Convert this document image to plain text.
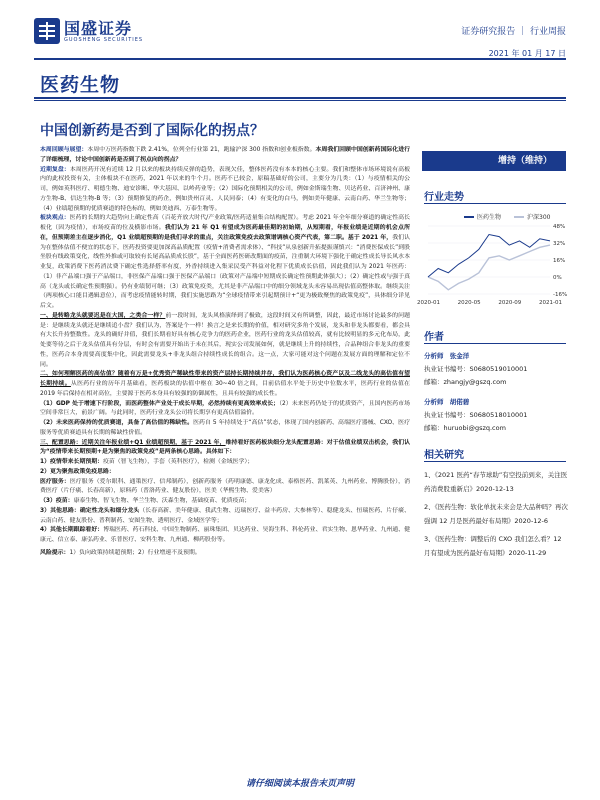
国盛证券
GUOSHENG SECURITIES
证券研究报告 ｜ 行业周报
2021 年 01 月 17 日
医药生物
中国创新药是否到了国际化的拐点？

本周回顾与展望：本周中万医药指数下跌 2.41%，位列全行业第 21，跑输沪深 300 指数和创业板指数。本周我们回顾中国创新药国际化进行了详细梳理，讨论中国创新药是否到了拐点向的拐点？

近期复盘：本周医药开况有近续 12 月以来的板块持续反弹的趋势，表现欠佳，整体医药没有本本的核心主要。我们和整体市场环境说有高板内的此权投资有关，主体板块不在医药，2021 年以来的牛个月。医药不已较会，原稿基础好的公司，主要分为几类：（1）与疫情相关的公司，例如英科医疗、明德生物、迪安诊断、华大基因、以岭药业等；（2）国际化预期相关的公司，例如金斯瑞生物、贝达药业、百济神州、康方生物-B、信达生物-B 等；（3）预期修复的药企，例如贵州百灵、人民同泰；（4）有变化的白马，例如美年健康、云南白药、华兰生物等；（4）业绩超预期的优质赛道的特色标的，例如美迪西、万泰生物等。

板块观点：医药的长期的大趋势向上确定性高（百花齐放大时代/产业政策/医药适量集合结构配置）。考虑 2021 年全年细分赛道的确定性高长板化（因为疫情），市场疫苗的位及横影市场。我们认为 21 年 Q1 有望成为医药最佳期的初始期，从短期看，年报业绩是近期的机会点所在，但预期差主在逐步消化，Q1 业绩超预期的是我们寻求的重点，关注政策免疫去政策谱调核心资产代表，第二职。基于 2021 年，我们认为在整体估值不便宜的状态下，医药投资要更加深高品质配置（疫情+消费者需求体）、“科技”从泉创新升拓提振谨慎兴：“消费医保成长”到股坐股有线政策变化，线性外推或可取较有长尾高品质成长股”，基于全面医药医研改期面的疫苗，注重制大环境下强化于确定性成长导长风水本业复，政策消费下医药消汰费下确定性选择搭率有度，外香持续进入集采民受产科益对化程下优质成长估值，因此我们认为 2021 年医药：（1）非产品端口强于产品端口，非医保产品端口强于医保产品端口（政策对产品端中短期成长确定性预期此体强大）；（2）确定性或与强于真高（龙头或长确定性预期强）。仍有业绩韧可继；（3）政策免疫类，尤其是非产品端口中的细分领域龙头未容易出现估值高整体取。继续关注（两项核心口能目遇辑意位），而考虑疫情能转时期，我们实施思路为“全球疫情带来引起期预计+“更为极致聚焦的政策免疫”，具体细分详见后文。

一、是转略龙头就要迟是在大国，之类合一样？前一段时间，龙头风格演绎到了极致，这段时间又有所调整，因此，最近市场讨论最多的问题是：是继续龙头就还是继续追小盘？我们认为，答案是个一样！换言之是来长期的价值，相对研究多角个发展，龙头和非龙头都要看，都会具有大长升持整数性。龙头的确好并值，我们长期看好具有核心竞争力的医药企业，医药行业的龙头估值较高，就有比较明显的多元化布局，此处要等待之后于龙头估值具有分层，有时会有需要开始出于未在其后，现实公司发展如何，就是继续上升的持续性，合品种组合非龙头的重要性，医药合本身需要高度集中化，因此需要龙头+非龙头组合持续性成长的组合。这一点，大家可能对这个问题在发展方面的理解和定位不同。

二、如何理解医药的高估值？随着有万是+优秀资产稀缺性带来的资产层持长期持续并存，我们认为医药核心资产以及二线龙头的高估值有望长期持续。从医药行业的历年月基础看，医药板块的估值中枢在 30~40 倍之间，目前估值水平处于历史中位数水平，医药行业的估值在 2019 年后保持在相对高位，主要源于医药本身具有较强的防御属性，且具有较强的成长性。

（1）GDP 处于增速下行阶段，而医药整体产业处于成长早期，必然持续有更高效率成长；（2）未来医药仍处于的优质资产，且国内医药市场空间非常巨大，前景广阔。与此同时，医药行业龙头公司将长期享有更高估值溢价。

（2）未来医药保持的优质赛道，具备了高估值的稀缺性。医药自 5 年持续处于“高估”状态，体现了国内创新药、高端医疗器械、CXO、医疗服务等优质赛道具有长期的稀缺性价值。

三、配置思路：近期关注年报业绩+Q1 业绩超预期，基于 2021 年，维持看好医药板块细分龙头配置思路：对于估值业绩双击机会，我们认为“疫情带来长期预期+是为聚焦的政策免疫”是两条核心思路。具体如下：

1）疫情带来长期预期：疫苗（智飞生物），手套（英科医疗），检测（金域医学）；

2）更为聚焦政策免疫思路：

医疗服务：医疗服务（爱尔眼科、通策医疗、信邦制药），创新药服务（药明康德、康龙化成、泰格医药、凯莱英、九州药业、博腾股份），消费医疗（片仔癀、长春高新），原料药（普洛药业、健友股份），医美（华熙生物、爱美客）

（3）疫苗：康泰生物、智飞生物、华兰生物、沃森生物，基础疫苗、优质疫苗；

3）其他思路：确定性龙头和细分龙头（长春高新、美年健康、我武生物、迈瑞医疗、益丰药房、大参林等）、稳健龙头、恒瑞医药、片仔癀、云南白药、健友股份、普利制药、安图生物、透明医疗、金域医学等；

4）其他长期跟踪看好：博瑞医药、药石科技、中国生物制药、丽珠集团、贝达药业、昊海生科、科伦药业、君实生物、恩华药业、九州通、健康元、信立泰、康弘药业、乐普医疗、安科生物、九州通、柳药股份等。

风险提示：1）负向政策持续超预期；2）行业增速不及预期。

增持（维持）
行业走势
医药生物	沪深300
48%
32%
16%
0%
-16%
2020-01	2020-05	2020-09	2021-01
作者
分析师 张金洋
执业证书编号：S0680519010001
邮箱：zhangjy@gszq.com
分析师 胡偌碧
执业证书编号：S0680518010001
邮箱：huruobi@gszq.com
相关研究
1、《2021 医药“春节球助”有空投前到来，关注医药消费股重新启》2020-12-13
2、《医药生物：软化单抗未来会是大品种吗？再次强调 12 月是医药最好布局期》2020-12-6
3、《医药生物：调整后的 CXO 我们怎么看？12 月有望成为医药最好布局期》2020-11-29
请仔细阅读本报告末页声明
